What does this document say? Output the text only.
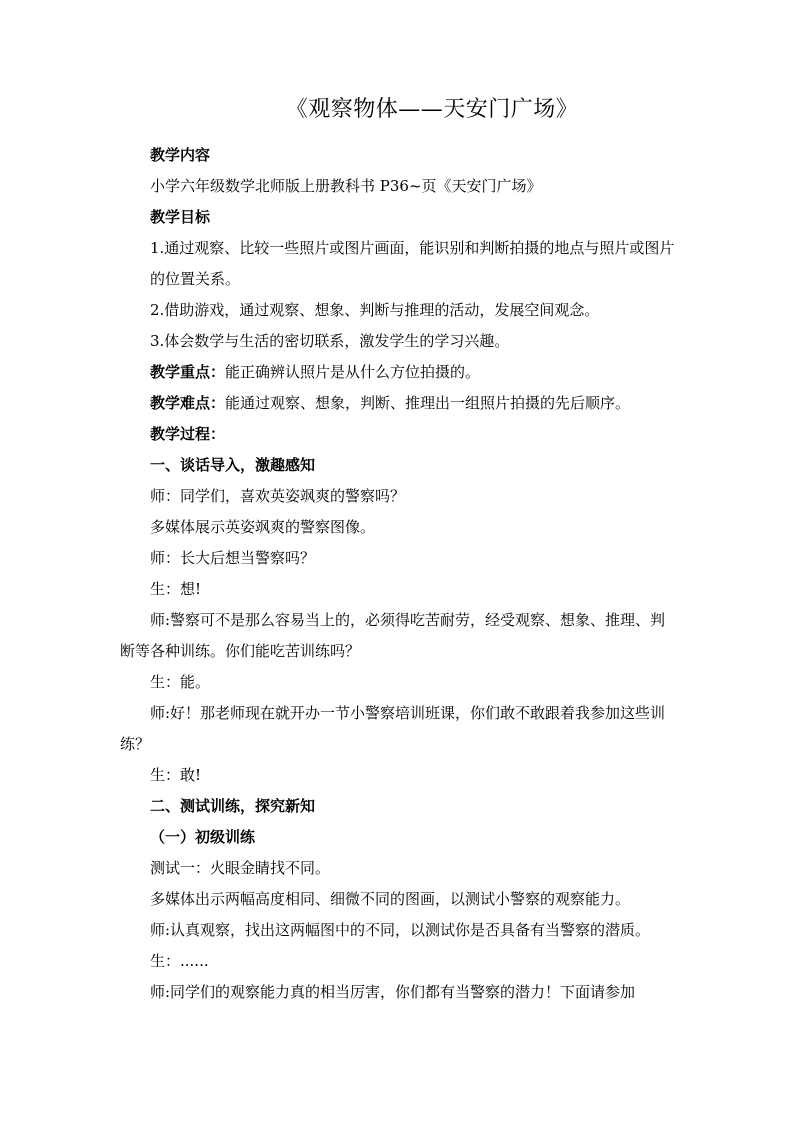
《观察物体——天安门广场》

教学内容

小学六年级数学北师版上册教科书 P36~页《天安门广场》

教学目标

1.通过观察、比较一些照片或图片画面，能识别和判断拍摄的地点与照片或图片的位置关系。

2.借助游戏，通过观察、想象、判断与推理的活动，发展空间观念。

3.体会数学与生活的密切联系，激发学生的学习兴趣。

教学重点：能正确辨认照片是从什么方位拍摄的。

教学难点：能通过观察、想象，判断、推理出一组照片拍摄的先后顺序。

教学过程：

一、谈话导入，激趣感知

师：同学们，喜欢英姿飒爽的警察吗？

多媒体展示英姿飒爽的警察图像。

师：长大后想当警察吗？

生：想!

师:警察可不是那么容易当上的，必须得吃苦耐劳，经受观察、想象、推理、判断等各种训练。你们能吃苦训练吗？

生：能。

师:好！那老师现在就开办一节小警察培训班课，你们敢不敢跟着我参加这些训练？

生：敢!

二、测试训练，探究新知

（一）初级训练

测试一：火眼金睛找不同。

多媒体出示两幅高度相同、细微不同的图画，以测试小警察的观察能力。

师:认真观察，找出这两幅图中的不同，以测试你是否具备有当警察的潜质。

生：......

师:同学们的观察能力真的相当厉害，你们都有当警察的潜力！下面请参加
